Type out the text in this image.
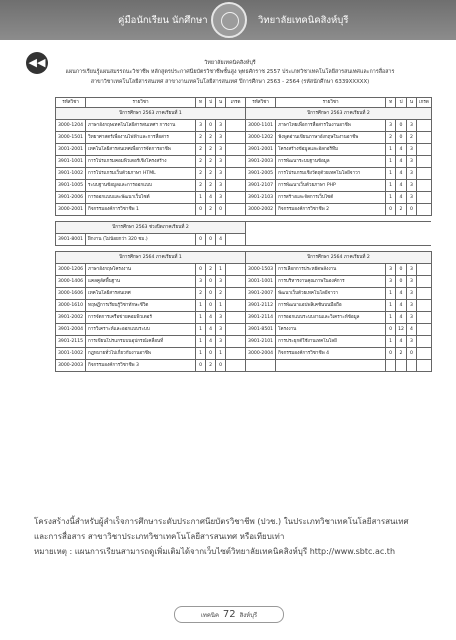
คู่มือนักเรียน นักศึกษา	วิทยาลัยเทคนิคสิงห์บุรี
◀◀	วิทยาลัยเทคนิคสิงห์บุรี
แผนการเรียนรู้แผนสมรรถนะวิชาชีพ หลักสูตรประกาศนียบัตรวิชาชีพชั้นสูง พุทธศักราช 2557 ประเภทวิชาเทคโนโลยีสารสนเทศและการสื่อสาร
สาขาวิชาเทคโนโลยีสารสนเทศ สาขางานเทคโนโลยีสารสนเทศ ปีการศึกษา 2563 - 2564 (รหัสนักศึกษา 6339XXXXX)
รหัสวิชา	รายวิชา	ท	ป	น	เกรด	รหัสวิชา	รายวิชา	ท	ป	น	เกรด
ปีการศึกษา 2563 ภาคเรียนที่ 1						ปีการศึกษา 2563 ภาคเรียนที่ 2					
3000-1204	ภาษาอังกฤษเทคโนโลยีสารสนเทศฯ การงาน	3	0	3		3000-1101	ภาษาไทยเพื่อการสื่อสารในงานอาชีพ	3	0	3	
3000-1501	วิทยาศาสตร์เพื่องานไฟฟ้าและการสื่อสาร	2	2	3		3000-1202	ฟังพูดอ่านเขียนภาษาอังกฤษในงานอาชีพ	2	0	2	
3001-2001	เทคโนโลยีสารสนเทศเพื่อการจัดการอาชีพ	2	2	3		3901-2001	โครงสร้างข้อมูลและอัลกอริทึม	1	4	3	
3901-1001	การโปรแกรมคอมพิวเตอร์เชิงโครงสร้าง	2	2	3		3901-2003	การพัฒนาระบบฐานข้อมูล	1	4	3	
3901-1002	การโปรแกรมเว็บด้วยภาษา HTML	2	2	3		3901-2005	การโปรแกรมเชิงวัตถุด้วยเทคโนโลยีจาวา	1	4	3	
3901-1005	ระบบฐานข้อมูลและการออกแบบ	2	2	3		3901-2107	การพัฒนาเว็บด้วยภาษา PHP	1	4	3	
3901-2006	การออกแบบและพัฒนาเว็บไซต์	1	4	3		3901-2103	การสร้างและจัดการเว็บไซต์	1	4	3	
3000-2001	กิจกรรมองค์การวิชาชีพ 1	0	2	0		3000-2002	กิจกรรมองค์การวิชาชีพ 2	0	2	0	

ปีการศึกษา 2563 ช่วงปิดภาคเรียนที่ 2											
3901-8001	ฝึกงาน (ไม่น้อยกว่า 320 ชม.)	0	0	4							

ปีการศึกษา 2564 ภาคเรียนที่ 1						ปีการศึกษา 2564 ภาคเรียนที่ 2					
3000-1206	ภาษาอังกฤษโครงงาน	0	2	1		3000-1503	การเลือกการประหยัดพลังงาน	3	0	3	
3000-1406	แคลคูลัสพื้นฐาน	3	0	3		3001-1001	การบริหารงานคุณภาพในองค์การ	3	0	3	
3000-1606	เทคโนโลยีสารสนเทศ	2	0	2		3901-2007	พัฒนาเว็บด้วยเทคโนโลยีจาวา	1	4	3	
3000-1610	ทฤษฎีการเรียนรู้วิชาทักษะชีวิต	1	0	1		3901-2112	การพัฒนาแอปพลิเคชันบนมือถือ	1	4	3	
3901-2002	การจัดการเครือข่ายคอมพิวเตอร์	1	4	3		3901-2114	การออกแบบระบบงานและวิเคราะห์ข้อมูล	1	4	3	
3901-2004	การวิเคราะห์และออกแบบระบบ	1	4	3		3901-8501	โครงงาน	0	12	4	
3901-2115	การเขียนโปรแกรมบนอุปกรณ์เคลื่อนที่	1	4	3		3901-2101	การประยุกต์ใช้งานเทคโนโลยี	1	4	3	
3001-1002	กฎหมายทั่วไปเกี่ยวกับงานอาชีพ	1	0	1		3000-2004	กิจกรรมองค์การวิชาชีพ 4	0	2	0	
3000-2003	กิจกรรมองค์การวิชาชีพ 3	0	2	0							
โครงสร้างนี้สำหรับผู้สำเร็จการศึกษาระดับประกาศนียบัตรวิชาชีพ (ปวช.) ในประเภทวิชาเทคโนโลยีสารสนเทศ
และการสื่อสาร สาขาวิชาประเภทวิชาเทคโนโลยีสารสนเทศ หรือเทียบเท่า
หมายเหตุ : แผนการเรียนสามารถดูเพิ่มเติมได้จากเว็บไซต์วิทยาลัยเทคนิคสิงห์บุรี http://www.sbtc.ac.th
เทคนิค 72 สิงห์บุรี
